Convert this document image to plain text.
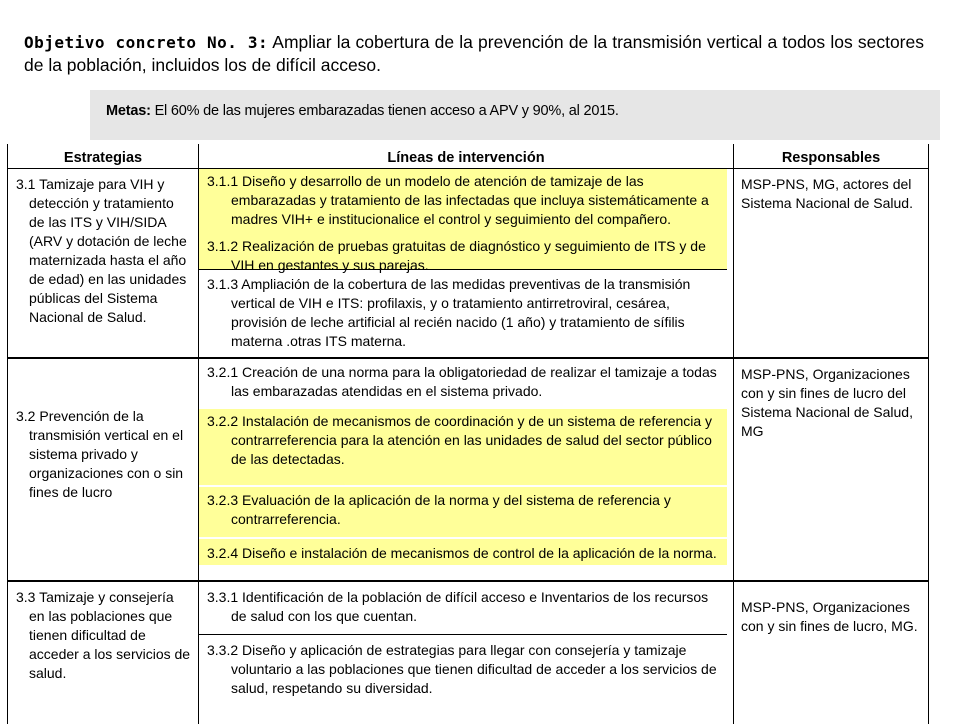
Objetivo concreto No. 3: Ampliar la cobertura de la prevención de la transmisión vertical a todos los sectores de la población, incluidos los de difícil acceso.
Metas: El 60% de las mujeres embarazadas tienen acceso a APV y 90%, al 2015.
Estrategias	Líneas de intervención	Responsables

3.1 Tamizaje para VIH y detección y tratamiento de las ITS y VIH/SIDA (ARV y dotación de leche maternizada hasta el año de edad) en las unidades públicas del Sistema Nacional de Salud.	3.1.1 Diseño y desarrollo de un modelo de atención de tamizaje de las embarazadas y tratamiento de las infectadas que incluya sistemáticamente a madres VIH+ e institucionalice el control y seguimiento del compañero.
3.1.2 Realización de pruebas gratuitas de diagnóstico y seguimiento de ITS y de VIH en gestantes y sus parejas.
3.1.3 Ampliación de la cobertura de las medidas preventivas de la transmisión vertical de VIH e ITS: profilaxis, y o tratamiento antirretroviral, cesárea, provisión de leche artificial al recién nacido (1 año) y tratamiento de sífilis materna .otras ITS materna.	MSP-PNS, MG, actores del Sistema Nacional de Salud.

3.2 Prevención de la transmisión vertical en el sistema privado y organizaciones con o sin fines de lucro	3.2.1 Creación de una norma para la obligatoriedad de realizar el tamizaje a todas las embarazadas atendidas en el sistema privado.
3.2.2 Instalación de mecanismos de coordinación y de un sistema de referencia y contrarreferencia para la atención en las unidades de salud del sector público de las detectadas.
3.2.3 Evaluación de la aplicación de la norma y del sistema de referencia y contrarreferencia.
3.2.4 Diseño e instalación de mecanismos de control de la aplicación de la norma.	MSP-PNS, Organizaciones con y sin fines de lucro del Sistema Nacional de Salud, MG

3.3 Tamizaje y consejería en las poblaciones que tienen dificultad de acceder a los servicios de salud.	3.3.1 Identificación de la población de difícil acceso e Inventarios de los recursos de salud con los que cuentan.
3.3.2 Diseño y aplicación de estrategias para llegar con consejería y tamizaje voluntario a las poblaciones que tienen dificultad de acceder a los servicios de salud, respetando su diversidad.	MSP-PNS, Organizaciones con y sin fines de lucro, MG.
